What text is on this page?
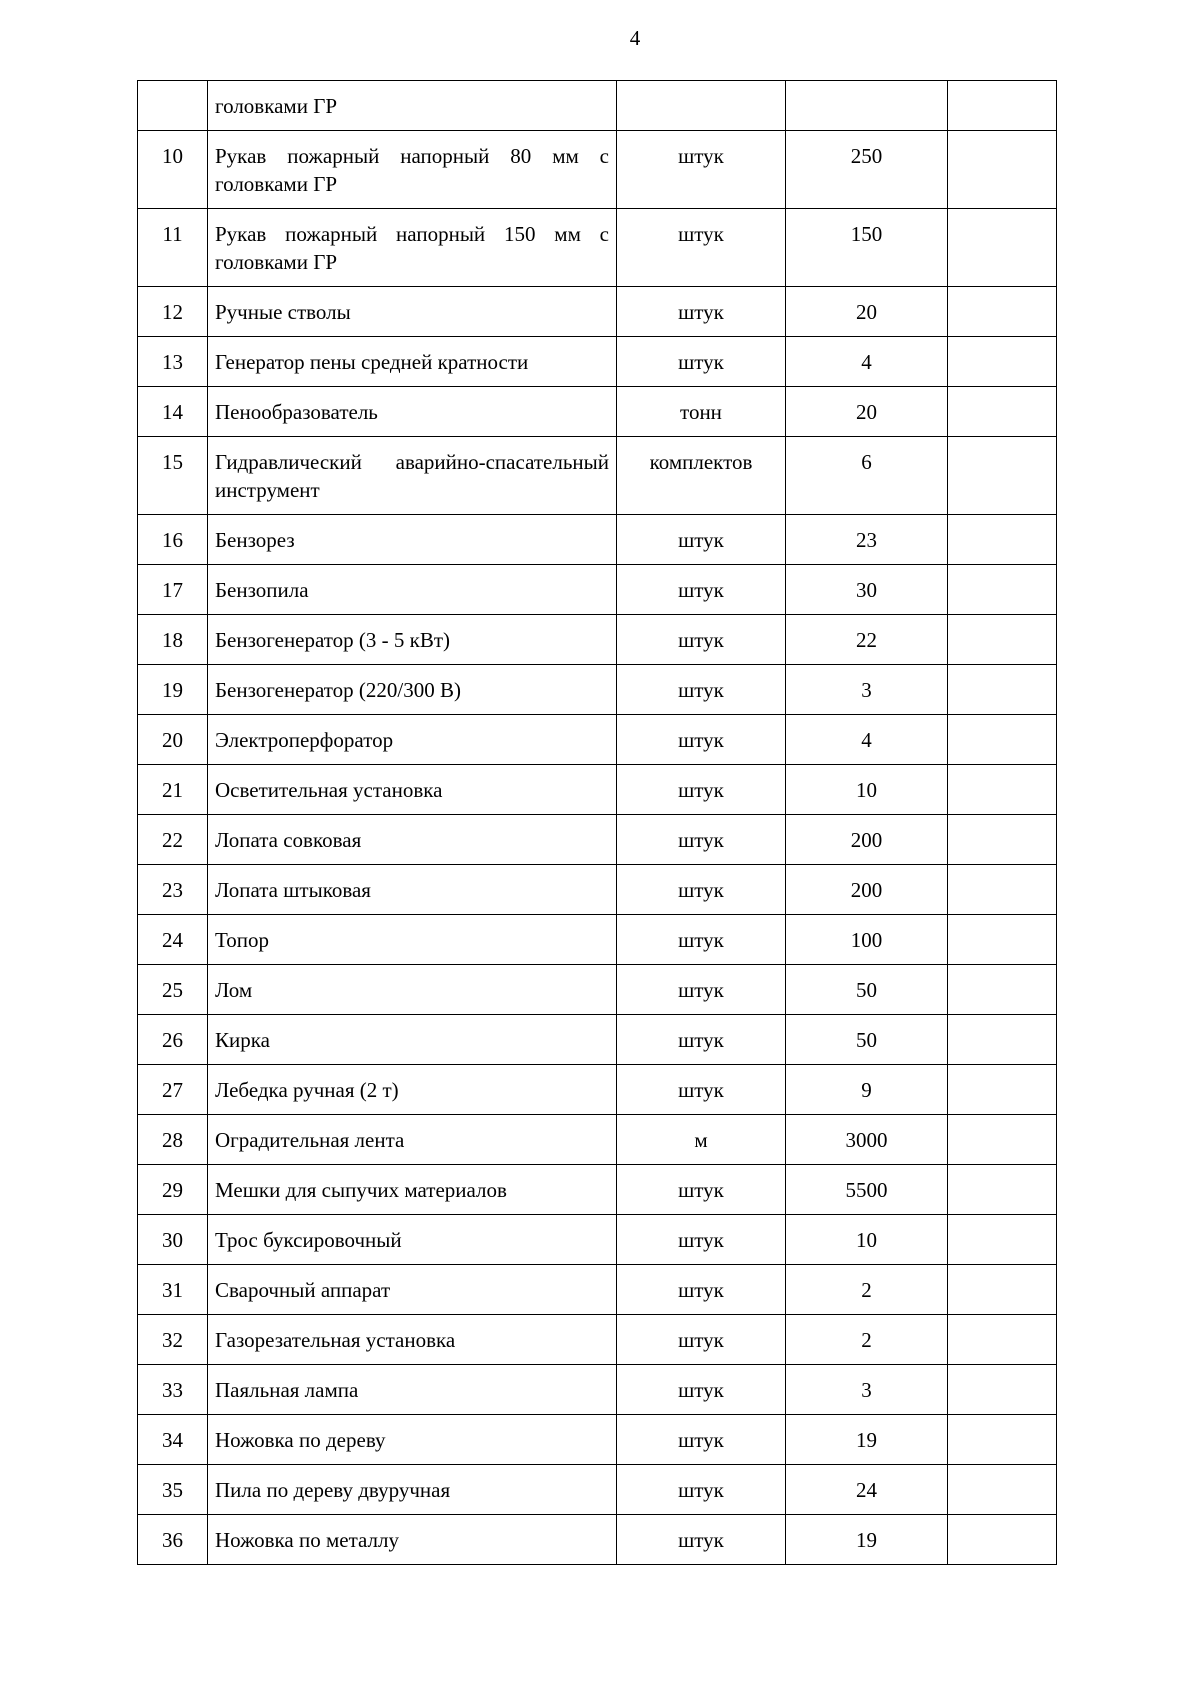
4
	головками ГР			
10	Рукав пожарный напорный 80 мм с головками ГР	штук	250	
11	Рукав пожарный напорный 150 мм с головками ГР	штук	150	
12	Ручные стволы	штук	20	
13	Генератор пены средней кратности	штук	4	
14	Пенообразователь	тонн	20	
15	Гидравлический аварийно-спасательный инструмент	комплектов	6	
16	Бензорез	штук	23	
17	Бензопила	штук	30	
18	Бензогенератор (3 - 5 кВт)	штук	22	
19	Бензогенератор (220/300 В)	штук	3	
20	Электроперфоратор	штук	4	
21	Осветительная установка	штук	10	
22	Лопата совковая	штук	200	
23	Лопата штыковая	штук	200	
24	Топор	штук	100	
25	Лом	штук	50	
26	Кирка	штук	50	
27	Лебедка ручная (2 т)	штук	9	
28	Оградительная лента	м	3000	
29	Мешки для сыпучих материалов	штук	5500	
30	Трос буксировочный	штук	10	
31	Сварочный аппарат	штук	2	
32	Газорезательная установка	штук	2	
33	Паяльная лампа	штук	3	
34	Ножовка по дереву	штук	19	
35	Пила по дереву двуручная	штук	24	
36	Ножовка по металлу	штук	19	
